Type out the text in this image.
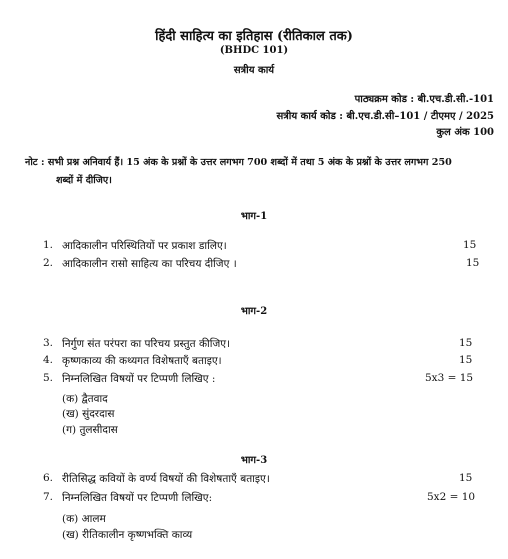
हिंदी साहित्य का इतिहास (रीतिकाल तक)
(BHDC 101)
सत्रीय कार्य
पाठ्यक्रम कोड : बी.एच.डी.सी.-101
सत्रीय कार्य कोड : बी.एच.डी.सी–101 / टीएमए / 2025
कुल अंक 100
नोट : सभी प्रश्न अनिवार्य हैं। 15 अंक के प्रश्नों के उत्तर लगभग 700 शब्दों में तथा 5 अंक के प्रश्नों के उत्तर लगभग 250
शब्दों में दीजिए।
भाग-1
1. आदिकालीन परिस्थितियों पर प्रकाश डालिए।	15
2. आदिकालीन रासो साहित्य का परिचय दीजिए ।	15
भाग-2
3. निर्गुण संत परंपरा का परिचय प्रस्तुत कीजिए।	15
4. कृष्णकाव्य की कथ्यगत विशेषताएँ बताइए।	15
5. निम्नलिखित विषयों पर टिप्पणी लिखिए :	5x3 = 15
(क) द्वैतवाद
(ख) सुंदरदास
(ग) तुलसीदास
भाग-3
6. रीतिसिद्ध कवियों के वर्ण्य विषयों की विशेषताएँ बताइए।	15
7. निम्नलिखित विषयों पर टिप्पणी लिखिए:	5x2 = 10
(क) आलम
(ख) रीतिकालीन कृष्णभक्ति काव्य
